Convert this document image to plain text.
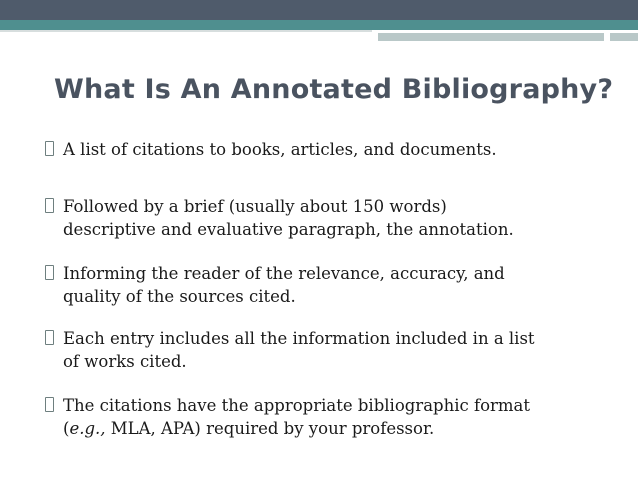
What Is An Annotated Bibliography?
A list of citations to books, articles, and documents.
Followed by a brief (usually about 150 words)
descriptive and evaluative paragraph, the annotation.
Informing the reader of the relevance, accuracy, and
quality of the sources cited.
Each entry includes all the information included in a list
of works cited.
The citations have the appropriate bibliographic format
(e.g., MLA, APA) required by your professor.
